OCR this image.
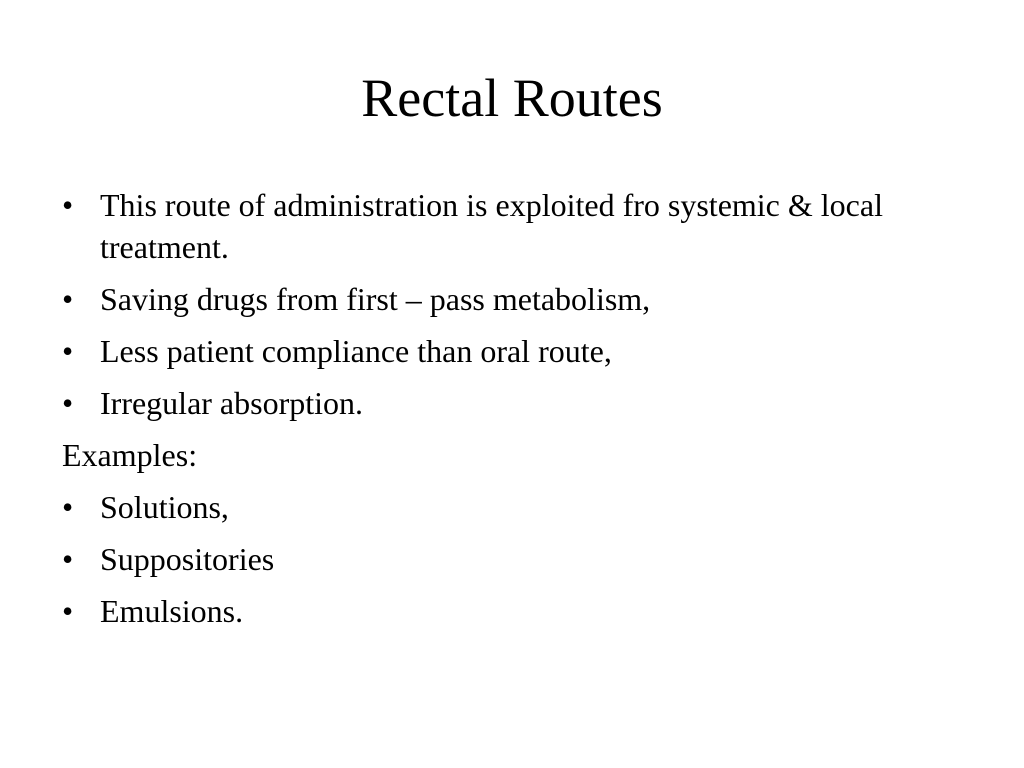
Rectal Routes
• This route of administration is exploited fro systemic & local treatment.
• Saving drugs from first – pass metabolism,
• Less patient compliance than oral route,
• Irregular absorption.
Examples:
• Solutions,
• Suppositories
• Emulsions.
